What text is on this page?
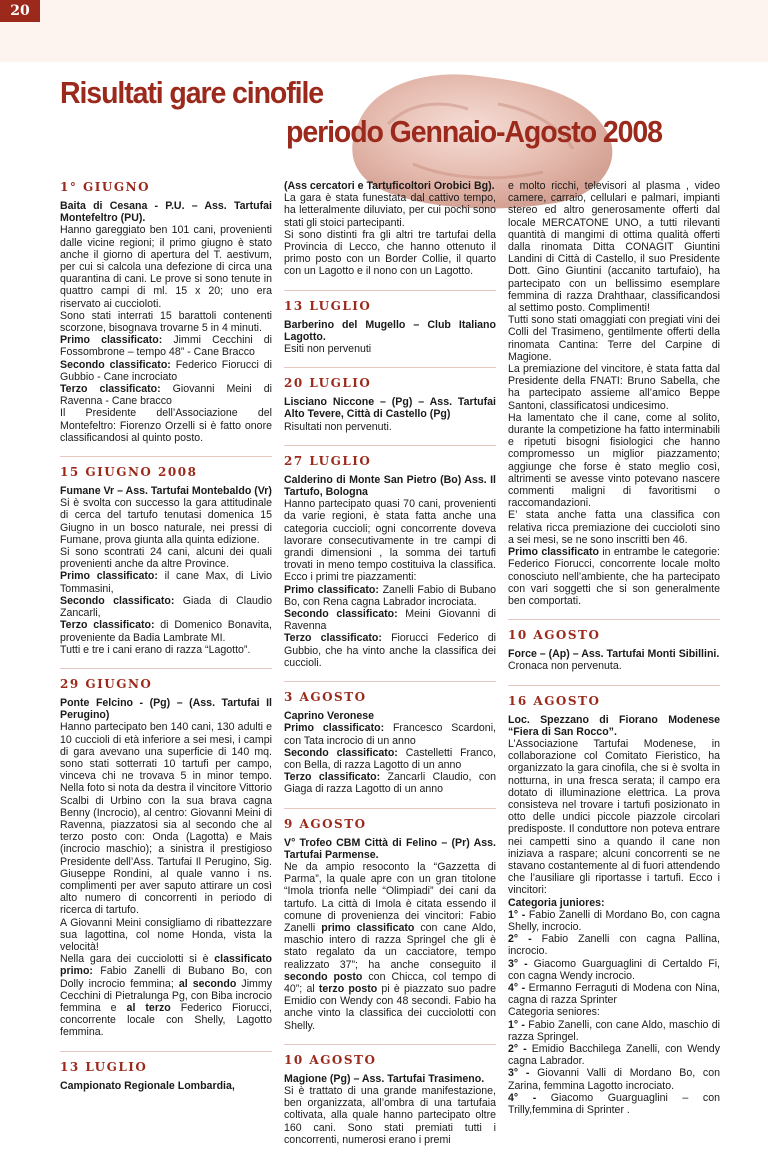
20
Risultati gare cinofile
periodo Gennaio-Agosto 2008
1° GIUGNO
Baita di Cesana - P.U. – Ass. Tartufai Montefeltro (PU).

Hanno gareggiato ben 101 cani, provenienti dalle vicine regioni; il primo giugno è stato anche il giorno di apertura del T. aestivum, per cui si calcola una defezione di circa una quarantina di cani. Le prove si sono tenute in quattro campi di ml. 15 x 20; uno era riservato ai cuccioloti.

Sono stati interrati 15 barattoli contenenti scorzone, bisognava trovarne 5 in 4 minuti.

Primo classificato: Jimmi Cecchini di Fossombrone – tempo 48” - Cane Bracco

Secondo classificato: Federico Fiorucci di Gubbio - Cane incrociato

Terzo classificato: Giovanni Meini di Ravenna - Cane bracco

Il Presidente dell’Associazione del Montefeltro: Fiorenzo Orzelli si è fatto onore classificandosi al quinto posto.

15 GIUGNO 2008
Fumane Vr – Ass. Tartufai Montebaldo (Vr)

Si è svolta con successo la gara attitudinale di cerca del tartufo tenutasi domenica 15 Giugno in un bosco naturale, nei pressi di Fumane, prova giunta alla quinta edizione.

Si sono scontrati 24 cani, alcuni dei quali provenienti anche da altre Province.

Primo classificato: il cane Max, di Livio Tommasini,

Secondo classificato: Giada di Claudio Zancarli,

Terzo classificato: di Domenico Bonavita, proveniente da Badia Lambrate MI.

Tutti e tre i cani erano di razza “Lagotto”.

29 GIUGNO
Ponte Felcino - (Pg) – (Ass. Tartufai Il Perugino)

Hanno partecipato ben 140 cani, 130 adulti e 10 cuccioli di età inferiore a sei mesi, i campi di gara avevano una superficie di 140 mq. sono stati sotterrati 10 tartufi per campo, vinceva chi ne trovava 5 in minor tempo. Nella foto si nota da destra il vincitore Vittorio Scalbi di Urbino con la sua brava cagna Benny (Incrocio), al centro: Giovanni Meini di Ravenna, piazzatosi sia al secondo che al terzo posto con: Onda (Lagotta) e Mais (incrocio maschio); a sinistra il prestigioso Presidente dell’Ass. Tartufai Il Perugino, Sig. Giuseppe Rondini, al quale vanno i ns. complimenti per aver saputo attirare un così alto numero di concorrenti in periodo di ricerca di tartufo.

A Giovanni Meini consigliamo di ribattezzare sua lagottina, col nome Honda, vista la velocità!

Nella gara dei cucciolotti si è classificato primo: Fabio Zanelli di Bubano Bo, con Dolly incrocio femmina; al secondo Jimmy Cecchini di Pietralunga Pg, con Biba incrocio femmina e al terzo Federico Fiorucci, concorrente locale con Shelly, Lagotto femmina.

13 LUGLIO
Campionato Regionale Lombardia,
(Ass cercatori e Tartuficoltori Orobici Bg).

La gara è stata funestata dal cattivo tempo, ha letteralmente diluviato, per cui pochi sono stati gli stoici partecipanti.

Si sono distinti fra gli altri tre tartufai della Provincia di Lecco, che hanno ottenuto il primo posto con un Border Collie, il quarto con un Lagotto e il nono con un Lagotto.

13 LUGLIO
Barberino del Mugello – Club Italiano Lagotto.

Esiti non pervenuti

20 LUGLIO
Lisciano Niccone – (Pg) – Ass. Tartufai Alto Tevere, Città di Castello (Pg)

Risultati non pervenuti.

27 LUGLIO
Calderino di Monte San Pietro (Bo) Ass. Il Tartufo, Bologna

Hanno partecipato quasi 70 cani, provenienti da varie regioni, è stata fatta anche una categoria cuccioli; ogni concorrente doveva lavorare consecutivamente in tre campi di grandi dimensioni , la somma dei tartufi trovati in meno tempo costituiva la classifica. Ecco i primi tre piazzamenti:

Primo classificato: Zanelli Fabio di Bubano Bo, con Rena cagna Labrador incrociata.

Secondo classificato: Meini Giovanni di Ravenna

Terzo classificato: Fiorucci Federico di Gubbio, che ha vinto anche la classifica dei cuccioli.

3 AGOSTO
Caprino Veronese

Primo classificato: Francesco Scardoni, con Tata incrocio di un anno

Secondo classificato: Castelletti Franco, con Bella, di razza Lagotto di un anno

Terzo classificato: Zancarli Claudio, con Giaga di razza Lagotto di un anno

9 AGOSTO
V° Trofeo CBM Città di Felino – (Pr) Ass. Tartufai Parmense.

Ne da ampio resoconto la “Gazzetta di Parma”, la quale apre con un gran titolone “Imola trionfa nelle “Olimpiadi” dei cani da tartufo. La città di Imola è citata essendo il comune di provenienza dei vincitori: Fabio Zanelli primo classificato con cane Aldo, maschio intero di razza Springel che gli è stato regalato da un cacciatore, tempo realizzato 37”; ha anche conseguito il secondo posto con Chicca, col tempo di 40”; al terzo posto pi è piazzato suo padre Emidio con Wendy con 48 secondi. Fabio ha anche vinto la classifica dei cucciolotti con Shelly.

10 AGOSTO
Magione (Pg) – Ass. Tartufai Trasimeno.

Si è trattato di una grande manifestazione, ben organizzata, all’ombra di una tartufaia coltivata, alla quale hanno partecipato oltre 160 cani. Sono stati premiati tutti i concorrenti, numerosi erano i premi

e molto ricchi, televisori al plasma , video camere, carraio, cellulari e palmari, impianti stereo ed altro generosamente offerti dal locale MERCATONE UNO, a tutti rilevanti quantità di mangimi di ottima qualità offerti dalla rinomata Ditta CONAGIT Giuntini Landini di Città di Castello, il suo Presidente Dott. Gino Giuntini (accanito tartufaio), ha partecipato con un bellissimo esemplare femmina di razza Drahthaar, classificandosi al settimo posto. Complimenti!

Tutti sono stati omaggiati con pregiati vini dei Colli del Trasimeno, gentilmente offerti della rinomata Cantina: Terre del Carpine di Magione.

La premiazione del vincitore, è stata fatta dal Presidente della FNATI: Bruno Sabella, che ha partecipato assieme all’amico Beppe Santoni, classificatosi undicesimo.

Ha lamentato che il cane, come al solito, durante la competizione ha fatto interminabili e ripetuti bisogni fisiologici che hanno compromesso un miglior piazzamento; aggiunge che forse è stato meglio così, altrimenti se avesse vinto potevano nascere commenti maligni di favoritismi o raccomandazioni.

E’ stata anche fatta una classifica con relativa ricca premiazione dei cuccioloti sino a sei mesi, se ne sono inscritti ben 46.

Primo classificato in entrambe le categorie: Federico Fiorucci, concorrente locale molto conosciuto nell’ambiente, che ha partecipato con vari soggetti che si son generalmente ben comportati.

10 AGOSTO
Force – (Ap) – Ass. Tartufai Monti Sibillini.

Cronaca non pervenuta.

16 AGOSTO
Loc. Spezzano di Fiorano Modenese “Fiera di San Rocco”.

L’Associazione Tartufai Modenese, in collaborazione col Comitato Fieristico, ha organizzato la gara cinofila, che si è svolta in notturna, in una fresca serata; il campo era dotato di illuminazione elettrica. La prova consisteva nel trovare i tartufi posizionato in otto delle undici piccole piazzole circolari predisposte. Il conduttore non poteva entrare nei campetti sino a quando il cane non iniziava a raspare; alcuni concorrenti se ne stavano costantemente al di fuori attendendo che l’ausiliare gli riportasse i tartufi. Ecco i vincitori:

Categoria juniores:

1° - Fabio Zanelli di Mordano Bo, con cagna Shelly, incrocio.

2° - Fabio Zanelli con cagna Pallina, incrocio.

3° - Giacomo Guarguaglini di Certaldo Fi, con cagna Wendy incrocio.

4° - Ermanno Ferraguti di Modena con Nina, cagna di razza Sprinter

Categoria seniores:

1° - Fabio Zanelli, con cane Aldo, maschio di razza Springel.

2° - Emidio Bacchilega Zanelli, con Wendy cagna Labrador.

3° - Giovanni Valli di Mordano Bo, con Zarina, femmina Lagotto incrociato.

4° - Giacomo Guarguaglini – con Trilly,femmina di Sprinter .
